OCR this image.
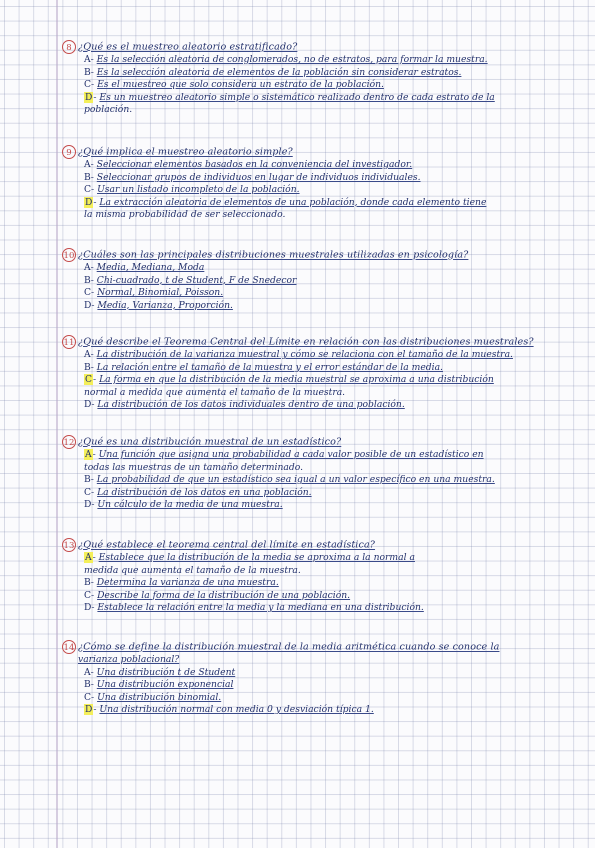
8 ¿Qué es el muestreo aleatorio estratificado?
A- Es la selección aleatoria de conglomerados, no de estratos, para formar la muestra.
B- Es la selección aleatoria de elementos de la población sin considerar estratos.
C- Es el muestreo que solo considera un estrato de la población.
D- Es un muestreo aleatorio simple o sistemático realizado dentro de cada estrato de la
población.
9 ¿Qué implica el muestreo aleatorio simple?
A- Seleccionar elementos basados en la conveniencia del investigador.
B- Seleccionar grupos de individuos en lugar de individuos individuales.
C- Usar un listado incompleto de la población.
D- La extracción aleatoria de elementos de una población, donde cada elemento tiene
la misma probabilidad de ser seleccionado.
10 ¿Cuáles son las principales distribuciones muestrales utilizadas en psicología?
A- Media, Mediana, Moda
B- Chi-cuadrado, t de Student, F de Snedecor
C- Normal, Binomial, Poisson.
D- Media, Varianza, Proporción.
11 ¿Qué describe el Teorema Central del Límite en relación con las distribuciones muestrales?
A- La distribución de la varianza muestral y cómo se relaciona con el tamaño de la muestra.
B- La relación entre el tamaño de la muestra y el error estándar de la media.
C- La forma en que la distribución de la media muestral se aproxima a una distribución
normal a medida que aumenta el tamaño de la muestra.
D- La distribución de los datos individuales dentro de una población.
12 ¿Qué es una distribución muestral de un estadístico?
A- Una función que asigna una probabilidad a cada valor posible de un estadístico en
todas las muestras de un tamaño determinado.
B- La probabilidad de que un estadístico sea igual a un valor específico en una muestra.
C- La distribución de los datos en una población.
D- Un cálculo de la media de una muestra.
13 ¿Qué establece el teorema central del límite en estadística?
A- Establece que la distribución de la media se aproxima a la normal a
medida que aumenta el tamaño de la muestra.
B- Determina la varianza de una muestra.
C- Describe la forma de la distribución de una población.
D- Establece la relación entre la media y la mediana en una distribución.
14 ¿Cómo se define la distribución muestral de la media aritmética cuando se conoce la
varianza poblacional?
A- Una distribución t de Student
B- Una distribución exponencial
C- Una distribución binomial.
D- Una distribución normal con media 0 y desviación típica 1.
